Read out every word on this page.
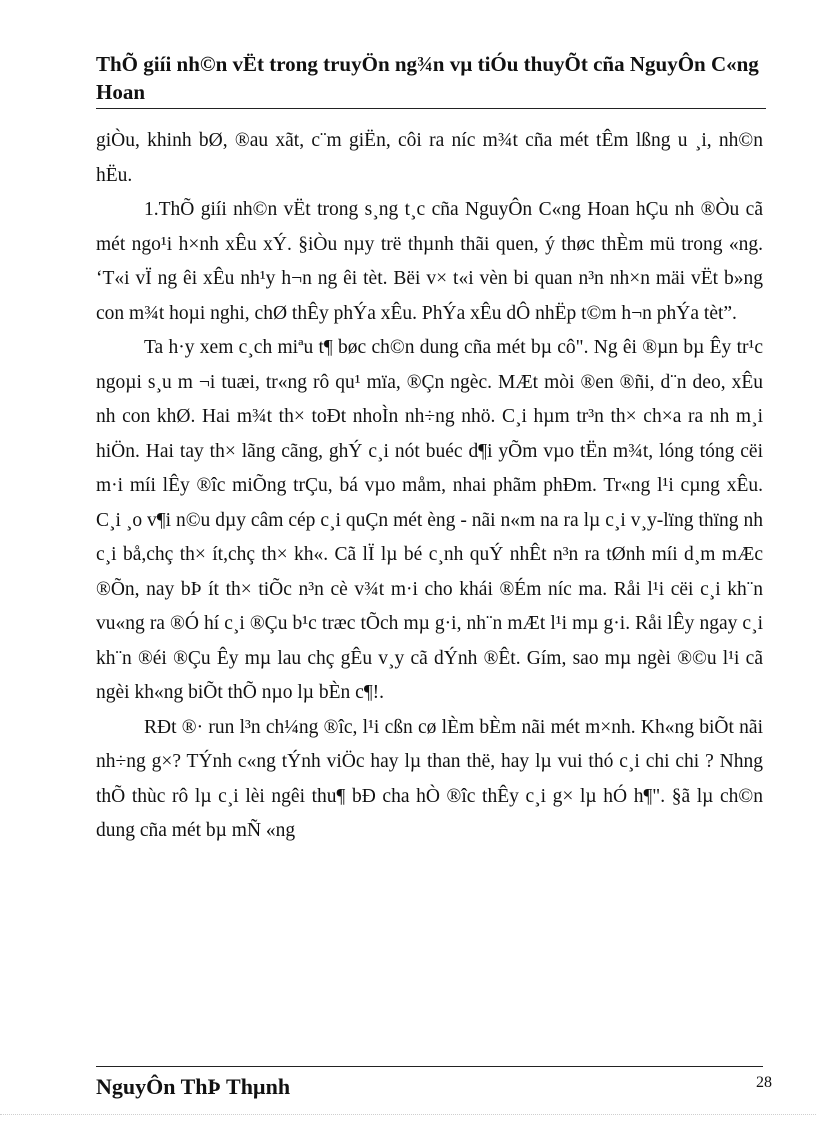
ThÕ giíi nh©n vËt trong truyÖn ng¾n vµ tiÓu thuyÕt cña NguyÔn C«ng Hoan

giÒu, khinh bØ, ®au xãt, c¨m giËn, côi ra níc m¾t cña mét tÊm lßng u ¸i, nh©n hËu.

1.ThÕ giíi nh©n vËt trong s¸ng t¸c cña NguyÔn C«ng Hoan hÇu nh ®Òu cã mét ngo¹i h×nh xÊu xÝ. §iÒu nµy trë thµnh thãi quen, ý thøc thÈm mü trong «ng. ‘T«i vÏ ng êi xÊu nh¹y h¬n ng êi tèt. Bëi v× t«i vèn bi quan n³n nh×n mäi vËt b»ng con m¾t hoµi nghi, chØ thÊy phÝa xÊu. PhÝa xÊu dÔ nhËp t©m h¬n phÝa tèt”.

Ta h·y xem c¸ch miªu t¶ bøc ch©n dung cña mét bµ cô". Ng êi ®µn bµ Êy tr¹c ngoµi s¸u m ¬i tuæi, tr«ng rô qu¹ mïa, ®Çn ngèc. MÆt mòi ®en ®ñi, d¨n deo, xÊu nh con khØ. Hai m¾t th× toÐt nhoÌn nh÷ng nhö. C¸i hµm tr³n th× ch×a ra nh m¸i hiÖn. Hai tay th× lãng cãng, ghÝ c¸i nót buéc d¶i yÕm vµo tËn m¾t, lóng tóng cëi m·i míi lÊy ®îc miÕng trÇu, bá vµo måm, nhai phãm phÐm. Tr«ng l¹i cµng xÊu. C¸i ¸o v¶i n©u dµy câm cép c¸i quÇn mét èng - nãi n«m na ra lµ c¸i v¸y-lïng thïng nh c¸i bå,chç th× ít,chç th× kh«. Cã lÏ lµ bé c¸nh quÝ nhÊt n³n ra tØnh míi d¸m mÆc ®Õn, nay bÞ ít th× tiÕc n³n cè v¾t m·i cho khái ®Ém níc ma. Råi l¹i cëi c¸i kh¨n vu«ng ra ®Ó hí c¸i ®Çu b¹c træc tÕch mµ g·i, nh¨n mÆt l¹i mµ g·i. Råi lÊy ngay c¸i kh¨n ®éi ®Çu Êy mµ lau chç gÊu v¸y cã dÝnh ®Êt. Gím, sao mµ ngèi ®©u l¹i cã ngèi kh«ng biÕt thÕ nµo lµ bÈn c¶!.

RÐt ®· run l³n ch¼ng ®îc, l¹i cßn cø lÈm bÈm nãi mét m×nh. Kh«ng biÕt nãi nh÷ng g×? TÝnh c«ng tÝnh viÖc hay lµ than thë, hay lµ vui thó c¸i chi chi ? Nhng thÕ thùc rô lµ c¸i lèi ngêi thu¶ bÐ cha hÒ ®îc thÊy c¸i g× lµ hÓ h¶". §ã lµ ch©n dung cña mét bµ mÑ «ng

NguyÔn ThÞ Thµnh	28
